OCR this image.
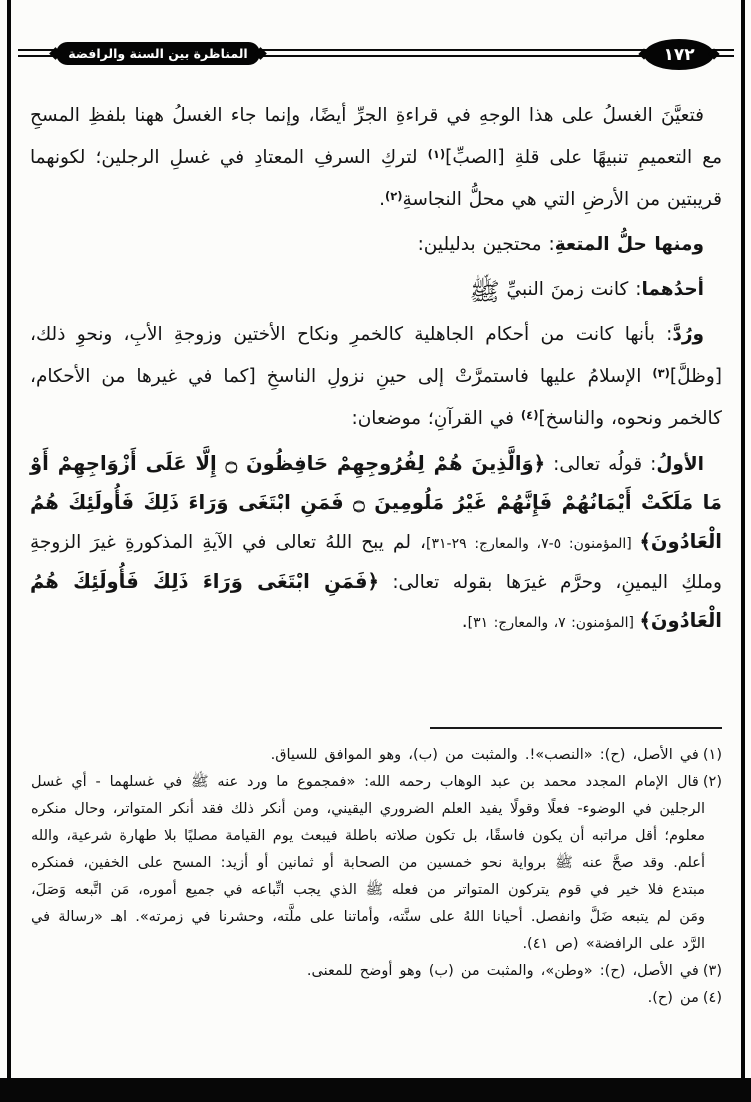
المناظرة بين السنة والرافضة	١٧٢

فتعيَّنَ الغسلُ على هذا الوجهِ في قراءةِ الجرِّ أيضًا، وإنما جاء الغسلُ ههنا بلفظِ المسحِ مع التعميمِ تنبيهًا على قلةِ [الصبِّ]$^{(١)}$ لتركِ السرفِ المعتادِ في غسلِ الرجلين؛ لكونهما قريبتين من الأرضِ التي هي محلُّ النجاسةِ$^{(٢)}$.

ومنها حلُّ المتعةِ: محتجين بدليلين:

أحدُهما: كانت زمنَ النبيِّ ﷺ

ورُدَّ: بأنها كانت من أحكام الجاهلية كالخمرِ ونكاح الأختين وزوجةِ الأبِ، ونحوِ ذلك، [وظلَّ]$^{(٣)}$ الإسلامُ عليها فاستمرَّتْ إلى حينِ نزولِ الناسخِ [كما في غيرها من الأحكام، كالخمر ونحوه، والناسخ]$^{(٤)}$ في القرآنِ؛ موضعان:

الأولُ: قولُه تعالى: ﴿وَالَّذِينَ هُمْ لِفُرُوجِهِمْ حَافِظُونَ ۝ إِلَّا عَلَى أَزْوَاجِهِمْ أَوْ مَا مَلَكَتْ أَيْمَانُهُمْ فَإِنَّهُمْ غَيْرُ مَلُومِينَ ۝ فَمَنِ ابْتَغَى وَرَاءَ ذَلِكَ فَأُولَئِكَ هُمُ الْعَادُونَ﴾ [المؤمنون: ٥-٧، والمعارج: ٢٩-٣١]، لم يبح اللهُ تعالى في الآيةِ المذكورةِ غيرَ الزوجةِ وملكِ اليمينِ، وحرَّم غيرَها بقوله تعالى: ﴿فَمَنِ ابْتَغَى وَرَاءَ ذَلِكَ فَأُولَئِكَ هُمُ الْعَادُونَ﴾ [المؤمنون: ٧، والمعارج: ٣١].

(١)في الأصل، (ح): «النصب»!. والمثبت من (ب)، وهو الموافق للسياق.
(٢)قال الإمام المجدد محمد بن عبد الوهاب رحمه الله: «فمجموع ما ورد عنه ﷺ في غسلهما - أي غسل الرجلين في الوضوء- فعلًا وقولًا يفيد العلم الضروري اليقيني، ومن أنكر ذلك فقد أنكر المتواتر، وحال منكره معلوم؛ أقل مراتبه أن يكون فاسقًا، بل تكون صلاته باطلة فيبعث يوم القيامة مصليًا بلا طهارة شرعية، والله أعلم. وقد صحَّ عنه ﷺ برواية نحو خمسين من الصحابة أو ثمانين أو أزيد: المسح على الخفين، فمنكره مبتدع فلا خير في قوم يتركون المتواتر من فعله ﷺ الذي يجب اتِّباعه في جميع أموره، مَن اتَّبعه وَصَلَ، ومَن لم يتبعه ضَلَّ وانفصل. أحيانا اللهُ على سنَّته، وأماتنا على ملَّته، وحشرنا في زمرته». اهـ «رسالة في الرَّد على الرافضة» (ص ٤١).
(٣)في الأصل، (ح): «وطن»، والمثبت من (ب) وهو أوضح للمعنى.
(٤)من (ح).
